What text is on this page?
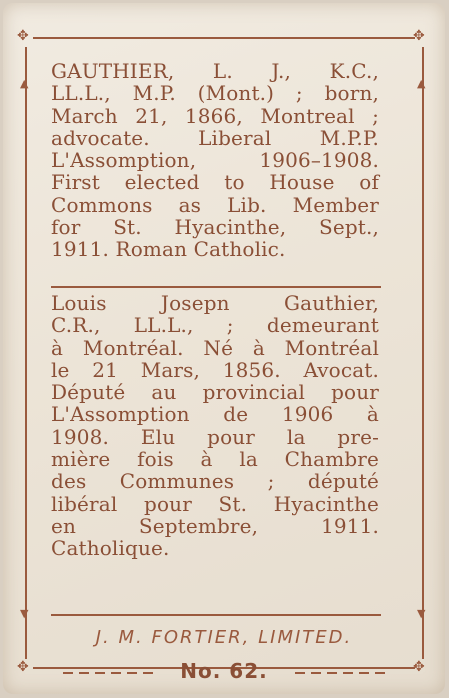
✥	✥
▲
▼
▲
▼
✥	✥
GAUTHIER, L. J., K.C.,
LL.L., M.P. (Mont.) ; born,
March 21, 1866, Montreal ;
advocate. Liberal M.P.P.
L'Assomption, 1906–1908.
First elected to House of
Commons as Lib. Member
for St. Hyacinthe, Sept.,
1911. Roman Catholic.
Louis Josepn Gauthier,
C.R., LL.L., ; demeurant
à Montréal. Né à Montréal
le 21 Mars, 1856. Avocat.
Député au provincial pour
L'Assomption de 1906 à
1908. Elu pour la pre-
mière fois à la Chambre
des Communes ; député
libéral pour St. Hyacinthe
en Septembre, 1911.
Catholique.
J. M. FORTIER, LIMITED.
No. 62.
